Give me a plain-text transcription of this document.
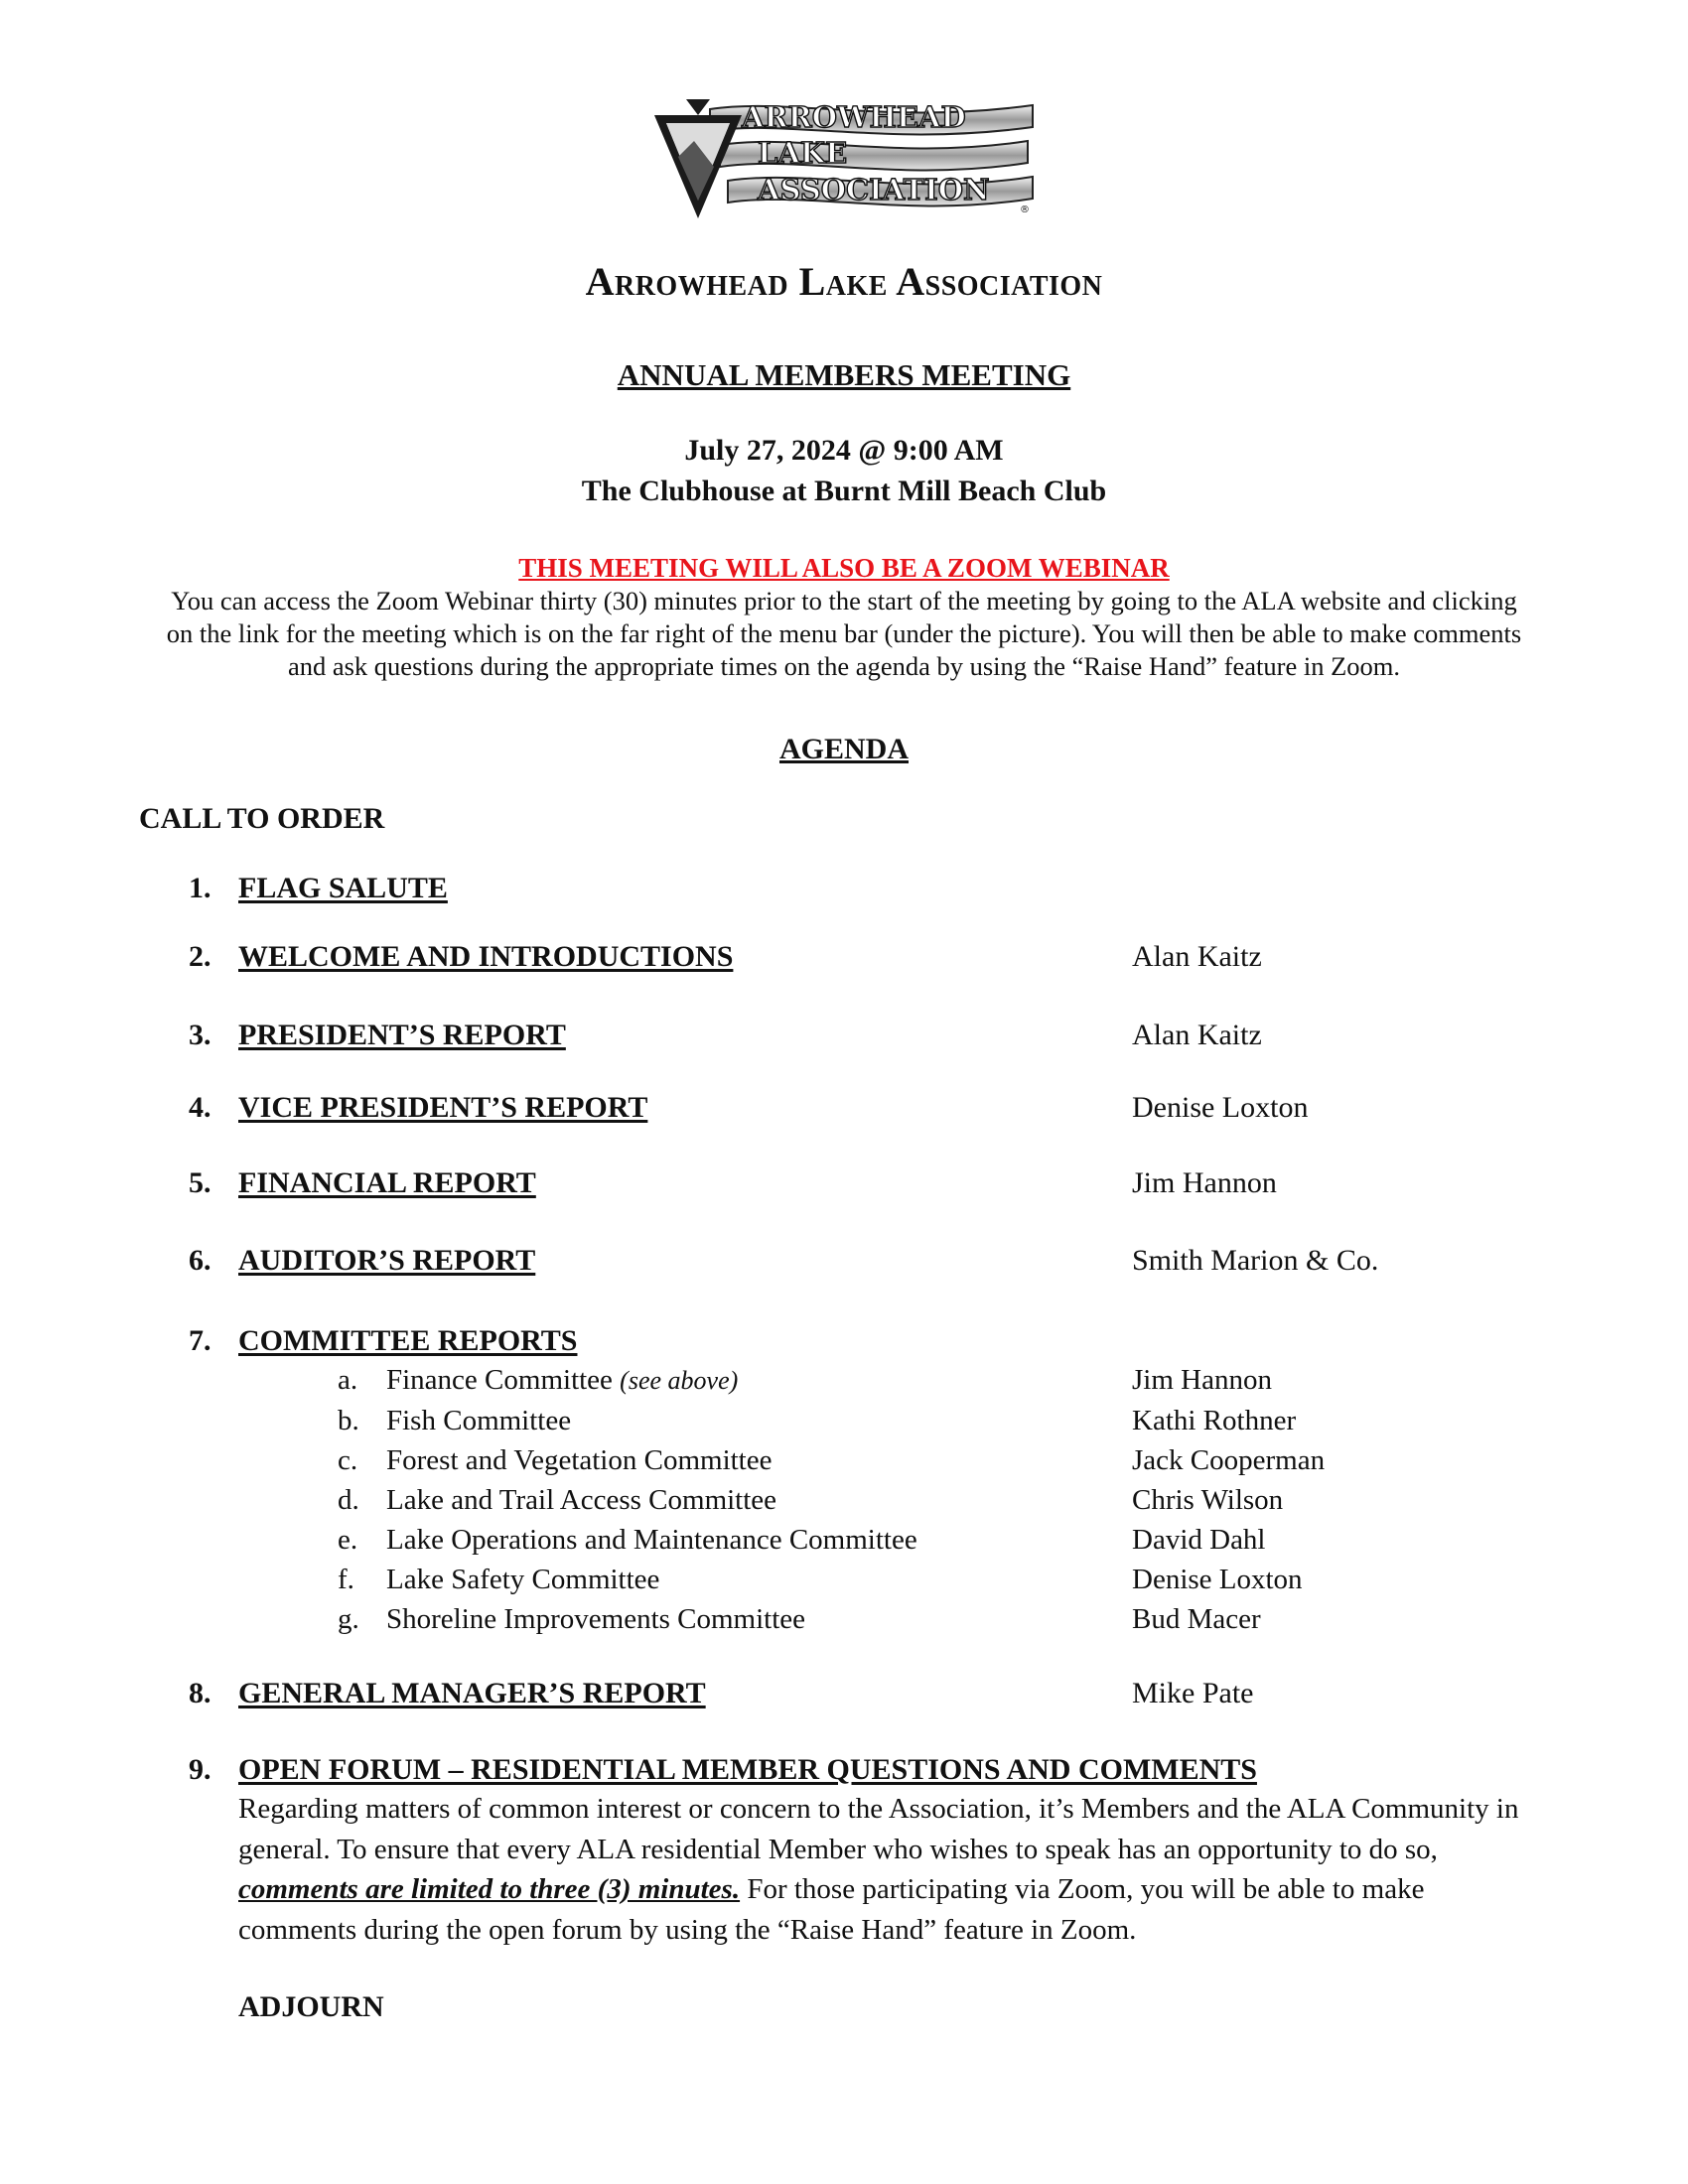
ARROWHEAD
LAKE
ASSOCIATION
®
Arrowhead Lake Association
ANNUAL MEMBERS MEETING
July 27, 2024 @ 9:00 AM
The Clubhouse at Burnt Mill Beach Club
THIS MEETING WILL ALSO BE A ZOOM WEBINAR
You can access the Zoom Webinar thirty (30) minutes prior to the start of the meeting by going to the ALA website and clicking on the link for the meeting which is on the far right of the menu bar (under the picture). You will then be able to make comments and ask questions during the appropriate times on the agenda by using the “Raise Hand” feature in Zoom.
AGENDA
CALL TO ORDER
1. FLAG SALUTE
2. WELCOME AND INTRODUCTIONS	Alan Kaitz
3. PRESIDENT’S REPORT	Alan Kaitz
4. VICE PRESIDENT’S REPORT	Denise Loxton
5. FINANCIAL REPORT	Jim Hannon
6. AUDITOR’S REPORT	Smith Marion & Co.
7. COMMITTEE REPORTS
a. Finance Committee (see above)	Jim Hannon
b. Fish Committee	Kathi Rothner
c. Forest and Vegetation Committee	Jack Cooperman
d. Lake and Trail Access Committee	Chris Wilson
e. Lake Operations and Maintenance Committee	David Dahl
f. Lake Safety Committee	Denise Loxton
g. Shoreline Improvements Committee	Bud Macer
8. GENERAL MANAGER’S REPORT	Mike Pate
9. OPEN FORUM – RESIDENTIAL MEMBER QUESTIONS AND COMMENTS
Regarding matters of common interest or concern to the Association, it’s Members and the ALA Community in general. To ensure that every ALA residential Member who wishes to speak has an opportunity to do so, comments are limited to three (3) minutes. For those participating via Zoom, you will be able to make comments during the open forum by using the “Raise Hand” feature in Zoom.
ADJOURN
